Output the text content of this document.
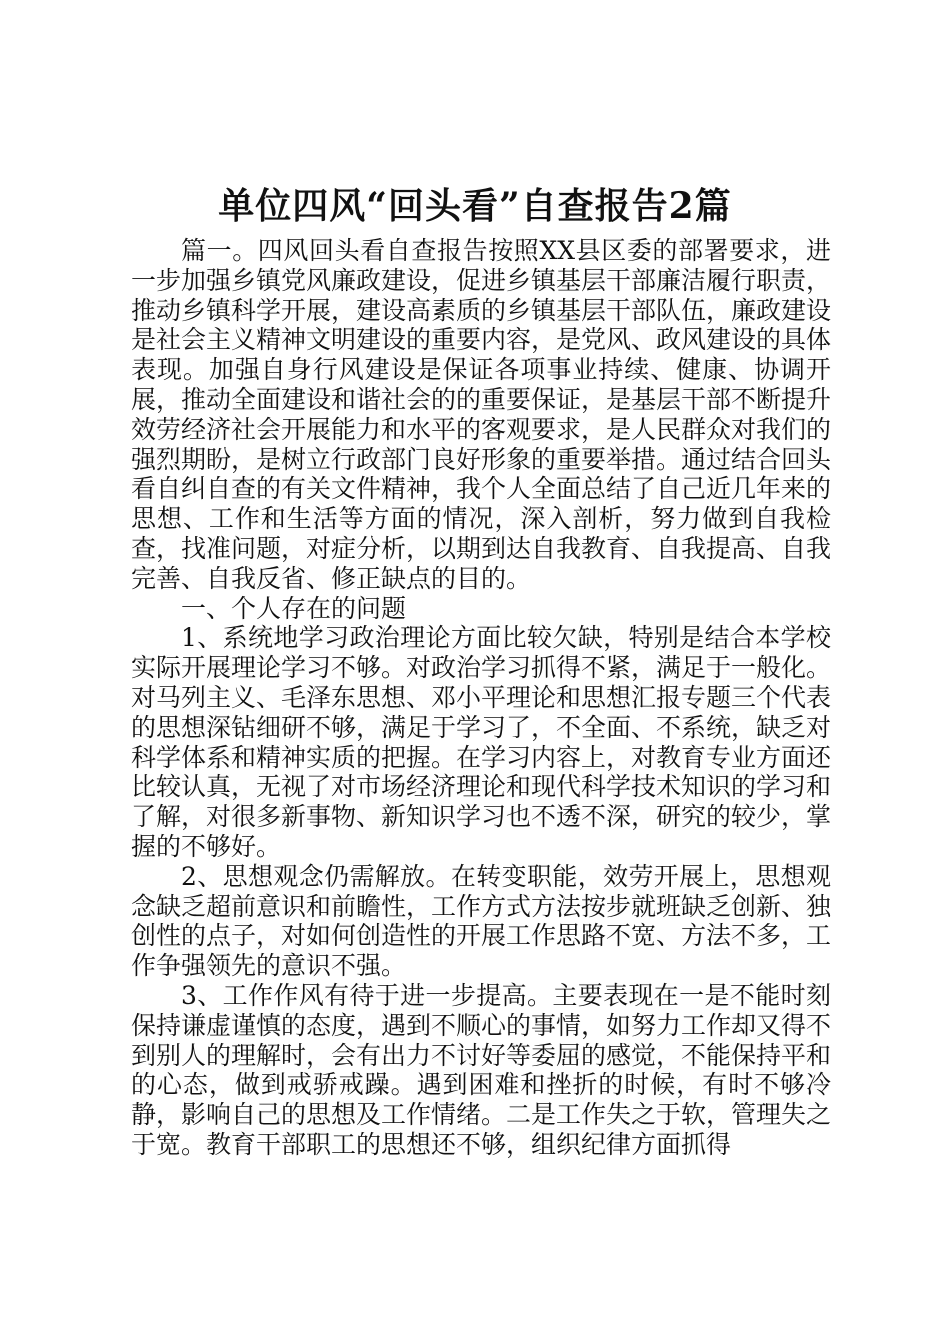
单位四风“回头看”自查报告2篇

篇一。四风回头看自查报告按照XX县区委的部署要求，进一步加强乡镇党风廉政建设，促进乡镇基层干部廉洁履行职责，推动乡镇科学开展，建设高素质的乡镇基层干部队伍，廉政建设是社会主义精神文明建设的重要内容，是党风、政风建设的具体表现。加强自身行风建设是保证各项事业持续、健康、协调开展，推动全面建设和谐社会的的重要保证，是基层干部不断提升效劳经济社会开展能力和水平的客观要求，是人民群众对我们的强烈期盼，是树立行政部门良好形象的重要举措。通过结合回头看自纠自查的有关文件精神，我个人全面总结了自己近几年来的思想、工作和生活等方面的情况，深入剖析，努力做到自我检查，找准问题，对症分析，以期到达自我教育、自我提高、自我完善、自我反省、修正缺点的目的。

一、个人存在的问题

1、系统地学习政治理论方面比较欠缺，特别是结合本学校实际开展理论学习不够。对政治学习抓得不紧，满足于一般化。对马列主义、毛泽东思想、邓小平理论和思想汇报专题三个代表的思想深钻细研不够，满足于学习了，不全面、不系统，缺乏对科学体系和精神实质的把握。在学习内容上，对教育专业方面还比较认真，无视了对市场经济理论和现代科学技术知识的学习和了解，对很多新事物、新知识学习也不透不深，研究的较少，掌握的不够好。

2、思想观念仍需解放。在转变职能，效劳开展上，思想观念缺乏超前意识和前瞻性，工作方式方法按步就班缺乏创新、独创性的点子，对如何创造性的开展工作思路不宽、方法不多，工作争强领先的意识不强。

3、工作作风有待于进一步提高。主要表现在一是不能时刻保持谦虚谨慎的态度，遇到不顺心的事情，如努力工作却又得不到别人的理解时，会有出力不讨好等委屈的感觉，不能保持平和的心态，做到戒骄戒躁。遇到困难和挫折的时候，有时不够冷静，影响自己的思想及工作情绪。二是工作失之于软，管理失之于宽。教育干部职工的思想还不够，组织纪律方面抓得
